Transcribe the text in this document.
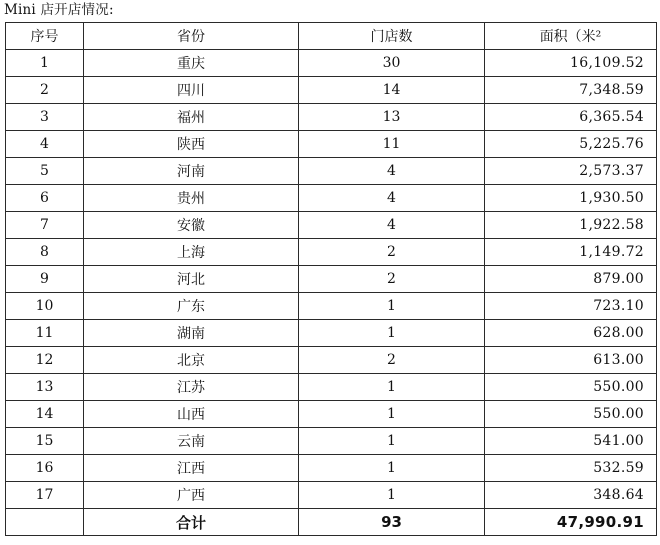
Mini 店开店情况:
序号	省份	门店数	面积（米²
1	重庆	30	16,109.52
2	四川	14	7,348.59
3	福州	13	6,365.54
4	陕西	11	5,225.76
5	河南	4	2,573.37
6	贵州	4	1,930.50
7	安徽	4	1,922.58
8	上海	2	1,149.72
9	河北	2	879.00
10	广东	1	723.10
11	湖南	1	628.00
12	北京	2	613.00
13	江苏	1	550.00
14	山西	1	550.00
15	云南	1	541.00
16	江西	1	532.59
17	广西	1	348.64
	合计	93	47,990.91
